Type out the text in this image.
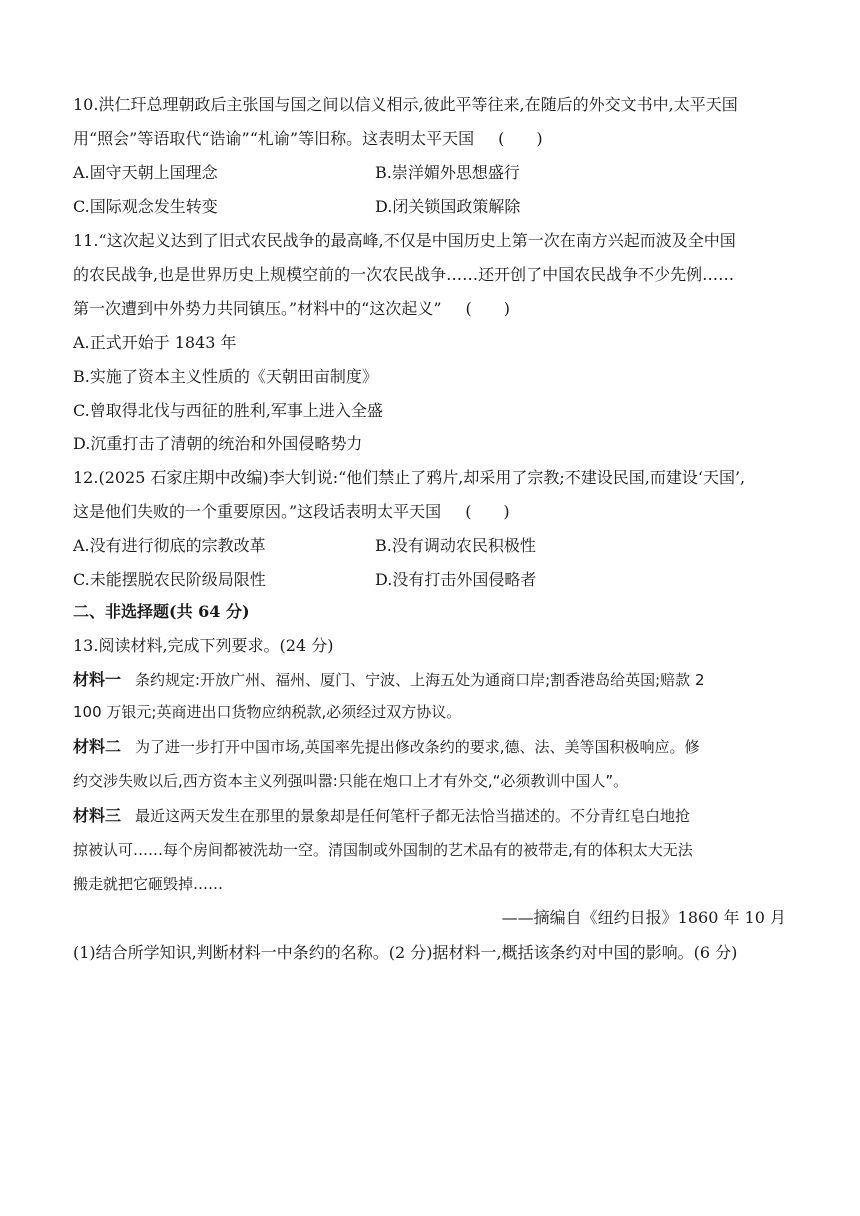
10.洪仁玕总理朝政后主张国与国之间以信义相示,彼此平等往来,在随后的外交文书中,太平天国
用“照会”等语取代“诰谕”“札谕”等旧称。这表明太平天国 (　　)
A.固守天朝上国理念	B.崇洋媚外思想盛行
C.国际观念发生转变	D.闭关锁国政策解除
11.“这次起义达到了旧式农民战争的最高峰,不仅是中国历史上第一次在南方兴起而波及全中国
的农民战争,也是世界历史上规模空前的一次农民战争……还开创了中国农民战争不少先例……
第一次遭到中外势力共同镇压。”材料中的“这次起义” (　　)
A.正式开始于 1843 年
B.实施了资本主义性质的《天朝田亩制度》
C.曾取得北伐与西征的胜利,军事上进入全盛
D.沉重打击了清朝的统治和外国侵略势力
12.(2025 石家庄期中改编)李大钊说:“他们禁止了鸦片,却采用了宗教;不建设民国,而建设‘天国’,
这是他们失败的一个重要原因。”这段话表明太平天国 (　　)
A.没有进行彻底的宗教改革	B.没有调动农民积极性
C.未能摆脱农民阶级局限性	D.没有打击外国侵略者
二、非选择题(共 64 分)
13.阅读材料,完成下列要求。(24 分)
材料一 条约规定:开放广州、福州、厦门、宁波、上海五处为通商口岸;割香港岛给英国;赔款 2
100 万银元;英商进出口货物应纳税款,必须经过双方协议。
材料二 为了进一步打开中国市场,英国率先提出修改条约的要求,德、法、美等国积极响应。修
约交涉失败以后,西方资本主义列强叫嚣:只能在炮口上才有外交,“必须教训中国人”。
材料三 最近这两天发生在那里的景象却是任何笔杆子都无法恰当描述的。不分青红皂白地抢
掠被认可……每个房间都被洗劫一空。清国制或外国制的艺术品有的被带走,有的体积太大无法
搬走就把它砸毁掉……
——摘编自《纽约日报》1860 年 10 月
(1)结合所学知识,判断材料一中条约的名称。(2 分)据材料一,概括该条约对中国的影响。(6 分)
